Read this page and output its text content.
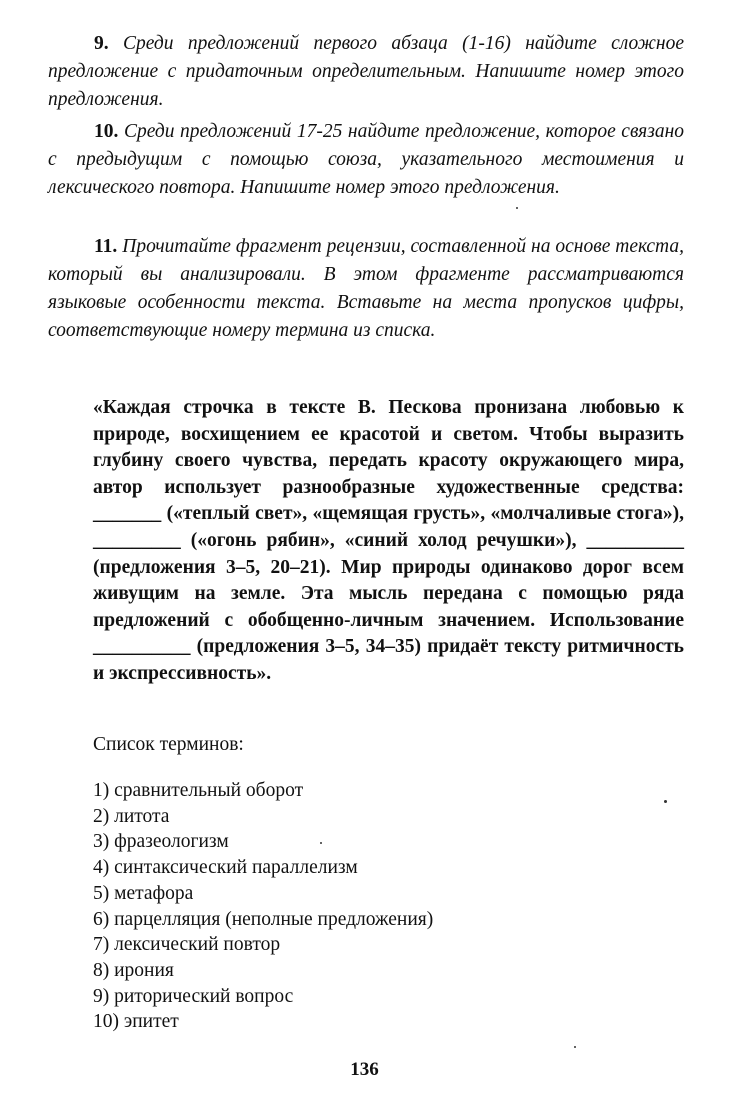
9. Среди предложений первого абзаца (1-16) найдите сложное предложение с придаточным определительным. Напишите номер этого предложения.

10. Среди предложений 17-25 найдите предложение, которое связано с предыдущим с помощью союза, указательного местоимения и лексического повтора. Напишите номер этого предложения.

11. Прочитайте фрагмент рецензии, составленной на основе текста, который вы анализировали. В этом фрагменте рассматриваются языковые особенности текста. Вставьте на места пропусков цифры, соответствующие номеру термина из списка.

«Каждая строчка в тексте В. Пескова пронизана любовью к природе, восхищением ее красотой и светом. Чтобы выразить глубину своего чувства, передать красоту окружающего мира, автор использует разнообразные художественные средства: _______ («теплый свет», «щемящая грусть», «молчаливые стога»), _________ («огонь рябин», «синий холод речушки»), __________ (предложения 3–5, 20–21). Мир природы одинаково дорог всем живущим на земле. Эта мысль передана с помощью ряда предложений с обобщенно-личным значением. Использование __________ (предложения 3–5, 34–35) придаёт тексту ритмичность и экспрессивность».

Список терминов:

1) сравнительный оборот
2) литота
3) фразеологизм
4) синтаксический параллелизм
5) метафора
6) парцелляция (неполные предложения)
7) лексический повтор
8) ирония
9) риторический вопрос
10) эпитет

136
